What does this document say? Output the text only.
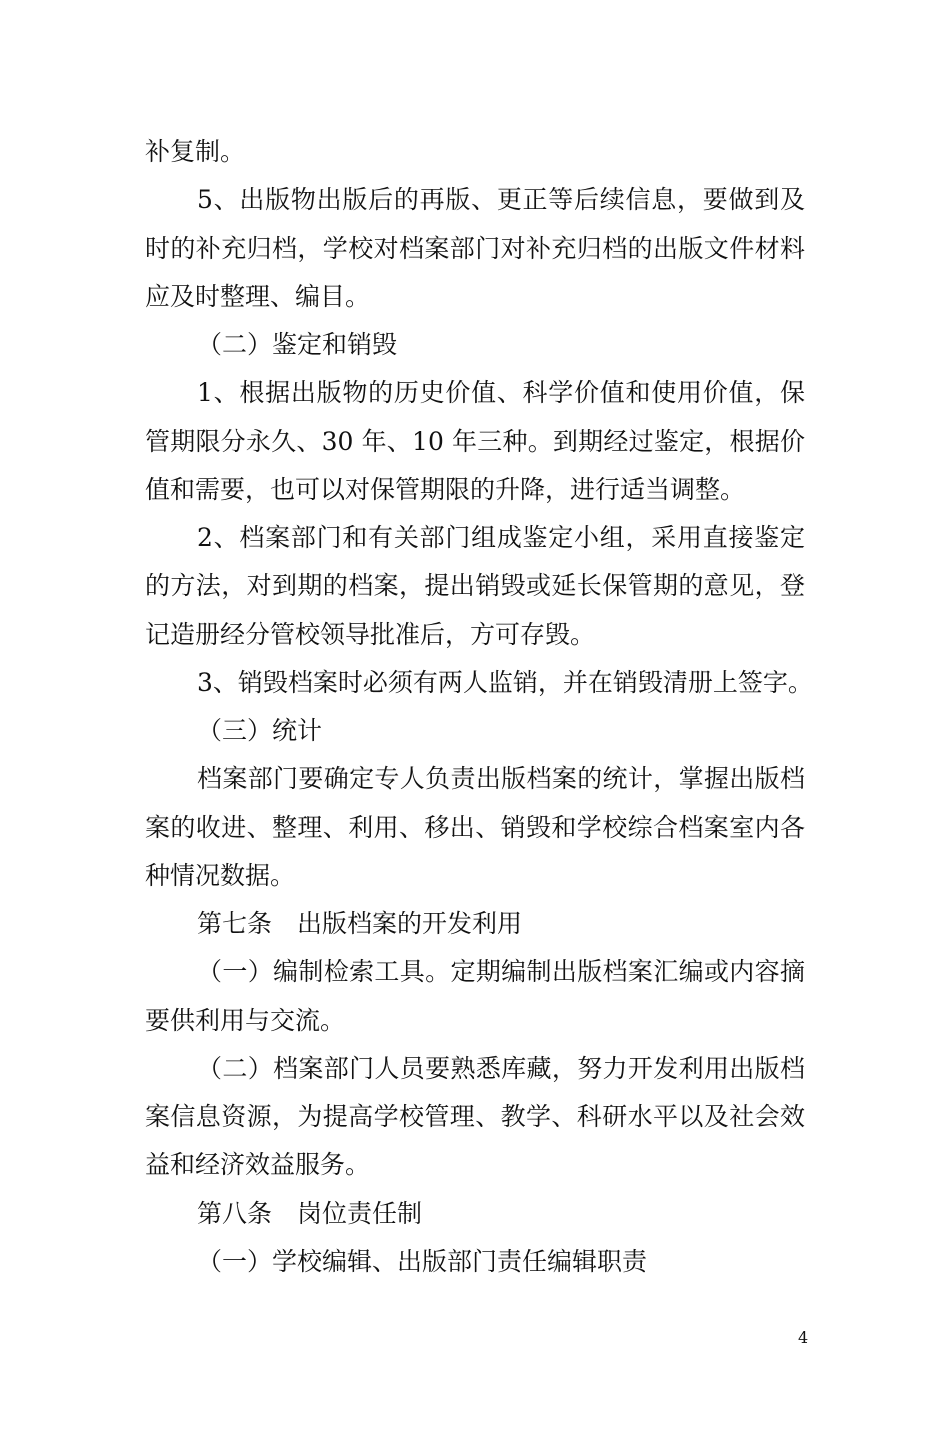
补复制。
5、出版物出版后的再版、更正等后续信息，要做到及
时的补充归档，学校对档案部门对补充归档的出版文件材料
应及时整理、编目。
（二）鉴定和销毁
1、根据出版物的历史价值、科学价值和使用价值，保
管期限分永久、30 年、10 年三种。到期经过鉴定，根据价
值和需要，也可以对保管期限的升降，进行适当调整。
2、档案部门和有关部门组成鉴定小组，采用直接鉴定
的方法，对到期的档案，提出销毁或延长保管期的意见，登
记造册经分管校领导批准后，方可存毁。
3、销毁档案时必须有两人监销，并在销毁清册上签字。
（三）统计
档案部门要确定专人负责出版档案的统计，掌握出版档
案的收进、整理、利用、移出、销毁和学校综合档案室内各
种情况数据。
第七条　出版档案的开发利用
（一）编制检索工具。定期编制出版档案汇编或内容摘
要供利用与交流。
（二）档案部门人员要熟悉库藏，努力开发利用出版档
案信息资源，为提高学校管理、教学、科研水平以及社会效
益和经济效益服务。
第八条　岗位责任制
（一）学校编辑、出版部门责任编辑职责
4
